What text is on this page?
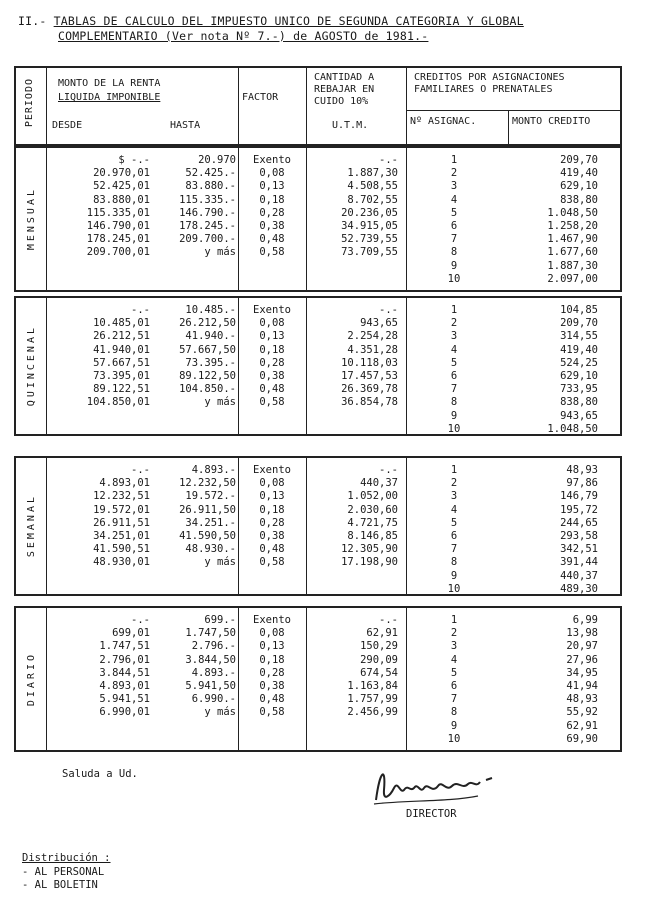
II.- TABLAS DE CALCULO DEL IMPUESTO UNICO DE SEGUNDA CATEGORIA Y GLOBAL
COMPLEMENTARIO (Ver nota Nº 7.-) de AGOSTO de 1981.-
PERIODO MONTO DE LA RENTA
LIQUIDA IMPONIBLE
DESDE	HASTA
FACTOR
CANTIDAD A
REBAJAR EN
CUIDO 10%
U.T.M.
CREDITOS POR ASIGNACIONES
FAMILIARES O PRENATALES
Nº ASIGNAC.	MONTO CREDITO
MENSUAL
$ -.-	20.970	Exento	-.-	1	209,70
20.970,01	52.425.-	0,08	1.887,30	2	419,40
52.425,01	83.880.-	0,13	4.508,55	3	629,10
83.880,01	115.335.-	0,18	8.702,55	4	838,80
115.335,01	146.790.-	0,28	20.236,05	5	1.048,50
146.790,01	178.245.-	0,38	34.915,05	6	1.258,20
178.245,01	209.700.-	0,48	52.739,55	7	1.467,90
209.700,01	y más	0,58	73.709,55	8	1.677,60
9	1.887,30
10	2.097,00
QUINCENAL
-.-	10.485.-	Exento	-.-	1	104,85
10.485,01	26.212,50	0,08	943,65	2	209,70
26.212,51	41.940.-	0,13	2.254,28	3	314,55
41.940,01	57.667,50	0,18	4.351,28	4	419,40
57.667,51	73.395.-	0,28	10.118,03	5	524,25
73.395,01	89.122,50	0,38	17.457,53	6	629,10
89.122,51	104.850.-	0,48	26.369,78	7	733,95
104.850,01	y más	0,58	36.854,78	8	838,80
9	943,65
10	1.048,50
SEMANAL
-.-	4.893.-	Exento	-.-	1	48,93
4.893,01	12.232,50	0,08	440,37	2	97,86
12.232,51	19.572.-	0,13	1.052,00	3	146,79
19.572,01	26.911,50	0,18	2.030,60	4	195,72
26.911,51	34.251.-	0,28	4.721,75	5	244,65
34.251,01	41.590,50	0,38	8.146,85	6	293,58
41.590,51	48.930.-	0,48	12.305,90	7	342,51
48.930,01	y más	0,58	17.198,90	8	391,44
9	440,37
10	489,30
DIARIO
-.-	699.-	Exento	-.-	1	6,99
699,01	1.747,50	0,08	62,91	2	13,98
1.747,51	2.796.-	0,13	150,29	3	20,97
2.796,01	3.844,50	0,18	290,09	4	27,96
3.844,51	4.893.-	0,28	674,54	5	34,95
4.893,01	5.941,50	0,38	1.163,84	6	41,94
5.941,51	6.990.-	0,48	1.757,99	7	48,93
6.990,01	y más	0,58	2.456,99	8	55,92
9	62,91
10	69,90
Saluda a Ud.
DIRECTOR
Distribución :
- AL PERSONAL
- AL BOLETIN
